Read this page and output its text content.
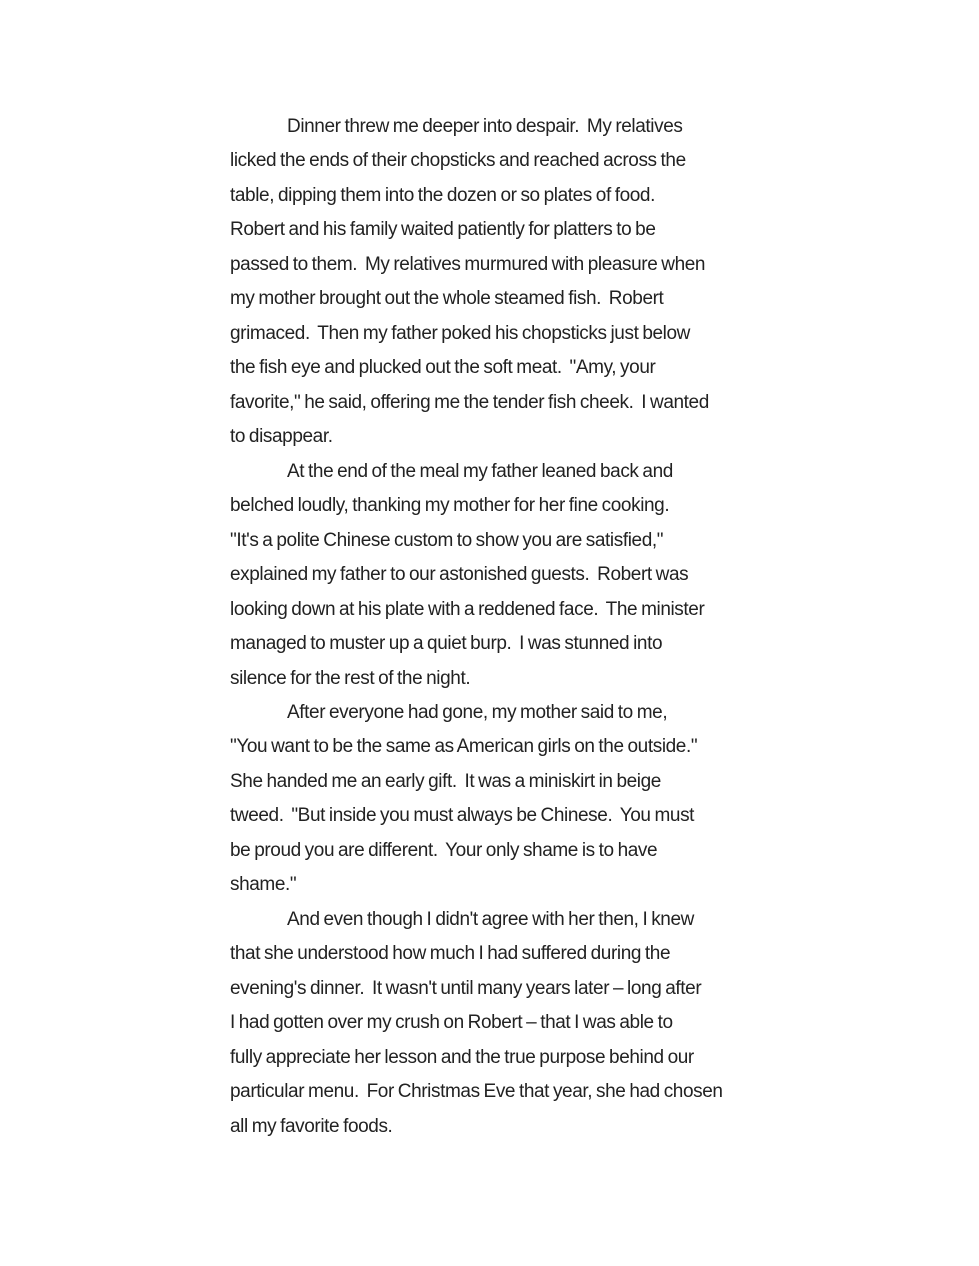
Dinner threw me deeper into despair.  My relatives
licked the ends of their chopsticks and reached across the
table, dipping them into the dozen or so plates of food.
Robert and his family waited patiently for platters to be
passed to them.  My relatives murmured with pleasure when
my mother brought out the whole steamed fish.  Robert
grimaced.  Then my father poked his chopsticks just below
the fish eye and plucked out the soft meat.  "Amy, your
favorite," he said, offering me the tender fish cheek.  I wanted
to disappear.
At the end of the meal my father leaned back and
belched loudly, thanking my mother for her fine cooking.
"It's a polite Chinese custom to show you are satisfied,"
explained my father to our astonished guests.  Robert was
looking down at his plate with a reddened face.  The minister
managed to muster up a quiet burp.  I was stunned into
silence for the rest of the night.
After everyone had gone, my mother said to me,
"You want to be the same as American girls on the outside."
She handed me an early gift.  It was a miniskirt in beige
tweed.  "But inside you must always be Chinese.  You must
be proud you are different.  Your only shame is to have
shame."
And even though I didn't agree with her then, I knew
that she understood how much I had suffered during the
evening's dinner.  It wasn't until many years later – long after
I had gotten over my crush on Robert – that I was able to
fully appreciate her lesson and the true purpose behind our
particular menu.  For Christmas Eve that year, she had chosen
all my favorite foods.
